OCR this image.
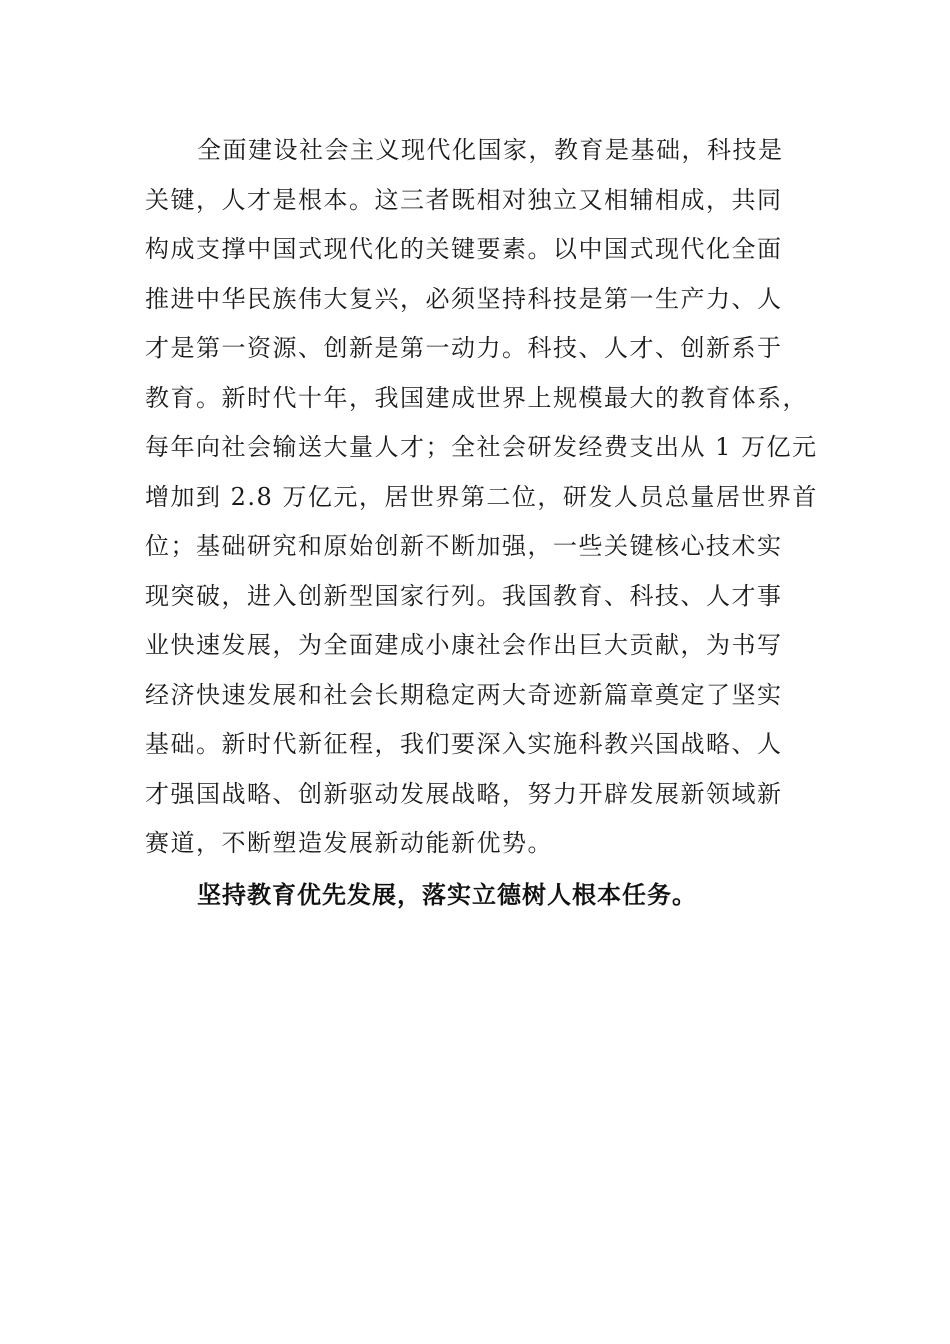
全面建设社会主义现代化国家，教育是基础，科技是
关键，人才是根本。这三者既相对独立又相辅相成，共同
构成支撑中国式现代化的关键要素。以中国式现代化全面
推进中华民族伟大复兴，必须坚持科技是第一生产力、人
才是第一资源、创新是第一动力。科技、人才、创新系于
教育。新时代十年，我国建成世界上规模最大的教育体系，
每年向社会输送大量人才；全社会研发经费支出从 1 万亿元
增加到 2.8 万亿元，居世界第二位，研发人员总量居世界首
位；基础研究和原始创新不断加强，一些关键核心技术实
现突破，进入创新型国家行列。我国教育、科技、人才事
业快速发展，为全面建成小康社会作出巨大贡献，为书写
经济快速发展和社会长期稳定两大奇迹新篇章奠定了坚实
基础。新时代新征程，我们要深入实施科教兴国战略、人
才强国战略、创新驱动发展战略，努力开辟发展新领域新
赛道，不断塑造发展新动能新优势。
坚持教育优先发展，落实立德树人根本任务。
